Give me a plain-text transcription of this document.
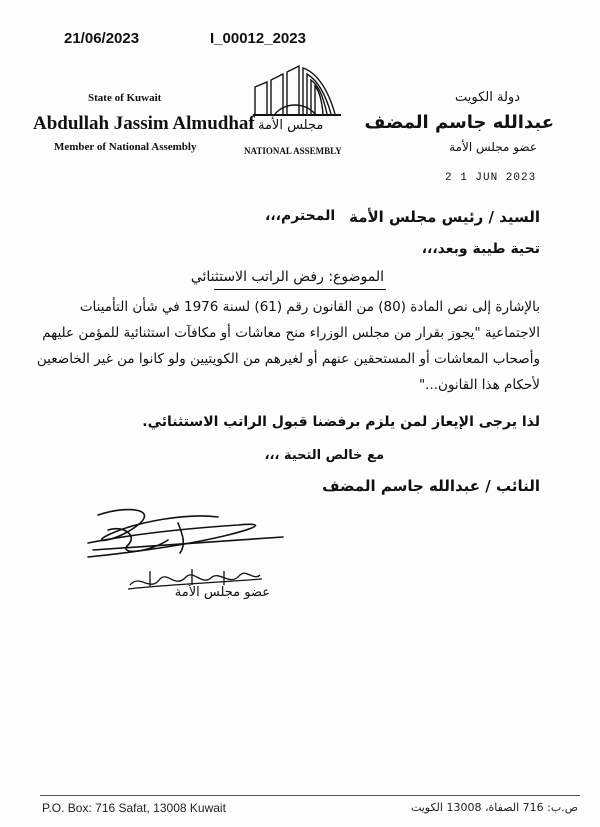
21/06/2023	I_00012_2023
State of Kuwait
Abdullah Jassim Almudhaf
Member of National Assembly
مجلس الأمة
NATIONAL ASSEMBLY
دولة الكويت
عبدالله جاسم المضف
عضو مجلس الأمة
2 1 JUN 2023
السيد / رئيس مجلس الأمة
المحترم،،،
تحية طيبة وبعد،،،
الموضوع: رفض الراتب الاستثنائي
بالإشارة إلى نص المادة (80) من القانون رقم (61) لسنة 1976 في شأن التأمينات
الاجتماعية "يجوز بقرار من مجلس الوزراء منح معاشات أو مكافآت استثنائية للمؤمن عليهم
وأصحاب المعاشات أو المستحقين عنهم أو لغيرهم من الكويتيين ولو كانوا من غير الخاضعين
لأحكام هذا القانون..."
لذا يرجى الإيعاز لمن يلزم برفضنا قبول الراتب الاستثنائي.
مع خالص التحية ،،،
النائب / عبدالله جاسم المضف
عضو مجلس الأمة
P.O. Box: 716 Safat, 13008 Kuwait	ص.ب: 716 الصفاة، 13008 الكويت
